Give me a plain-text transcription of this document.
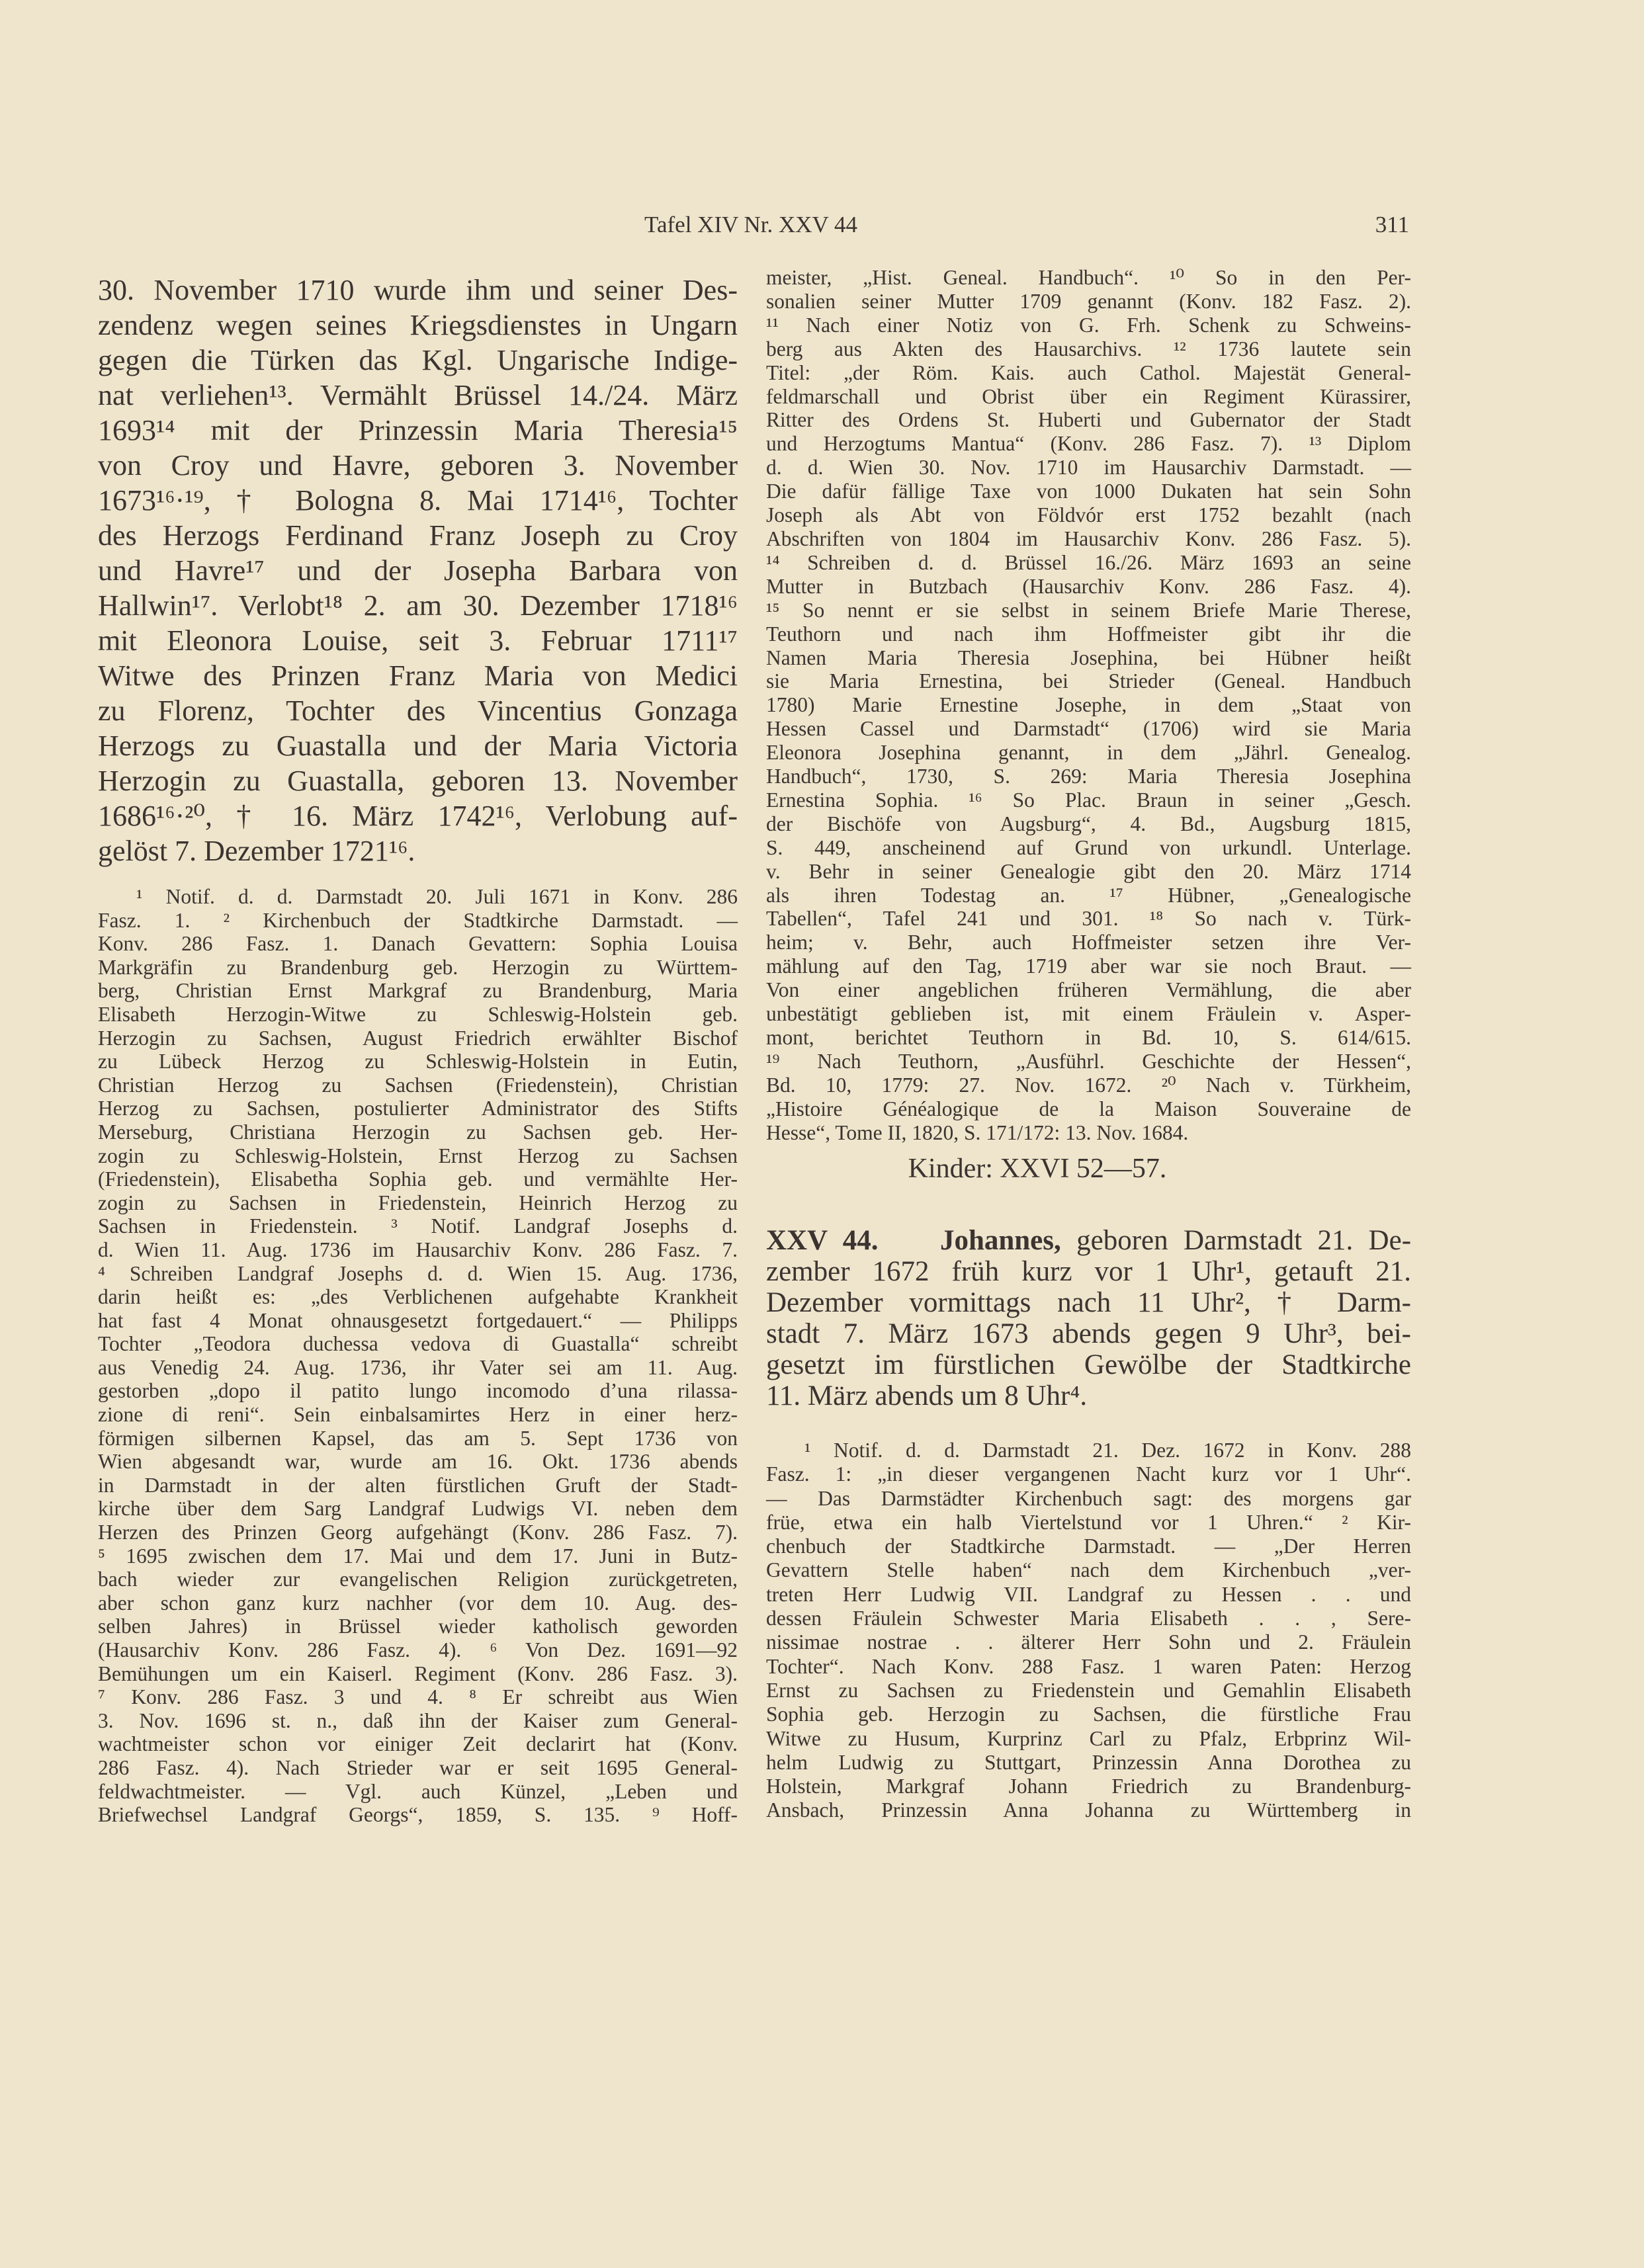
Tafel XIV Nr. XXV 44	311
30. November 1710 wurde ihm und seiner Des-
zendenz wegen seines Kriegsdienstes in Ungarn
gegen die Türken das Kgl. Ungarische Indige-
nat verliehen¹³. Vermählt Brüssel 14./24. März
1693¹⁴ mit der Prinzessin Maria Theresia¹⁵
von Croy und Havre, geboren 3. November
1673¹⁶·¹⁹, † Bologna 8. Mai 1714¹⁶, Tochter
des Herzogs Ferdinand Franz Joseph zu Croy
und Havre¹⁷ und der Josepha Barbara von
Hallwin¹⁷. Verlobt¹⁸ 2. am 30. Dezember 1718¹⁶
mit Eleonora Louise, seit 3. Februar 1711¹⁷
Witwe des Prinzen Franz Maria von Medici
zu Florenz, Tochter des Vincentius Gonzaga
Herzogs zu Guastalla und der Maria Victoria
Herzogin zu Guastalla, geboren 13. November
1686¹⁶·²⁰, † 16. März 1742¹⁶, Verlobung auf-
gelöst 7. Dezember 1721¹⁶.
¹ Notif. d. d. Darmstadt 20. Juli 1671 in Konv. 286
Fasz. 1. ² Kirchenbuch der Stadtkirche Darmstadt. —
Konv. 286 Fasz. 1. Danach Gevattern: Sophia Louisa
Markgräfin zu Brandenburg geb. Herzogin zu Württem-
berg, Christian Ernst Markgraf zu Brandenburg, Maria
Elisabeth Herzogin-Witwe zu Schleswig-Holstein geb.
Herzogin zu Sachsen, August Friedrich erwählter Bischof
zu Lübeck Herzog zu Schleswig-Holstein in Eutin,
Christian Herzog zu Sachsen (Friedenstein), Christian
Herzog zu Sachsen, postulierter Administrator des Stifts
Merseburg, Christiana Herzogin zu Sachsen geb. Her-
zogin zu Schleswig-Holstein, Ernst Herzog zu Sachsen
(Friedenstein), Elisabetha Sophia geb. und vermählte Her-
zogin zu Sachsen in Friedenstein, Heinrich Herzog zu
Sachsen in Friedenstein. ³ Notif. Landgraf Josephs d.
d. Wien 11. Aug. 1736 im Hausarchiv Konv. 286 Fasz. 7.
⁴ Schreiben Landgraf Josephs d. d. Wien 15. Aug. 1736,
darin heißt es: „des Verblichenen aufgehabte Krankheit
hat fast 4 Monat ohnausgesetzt fortgedauert.“ — Philipps
Tochter „Teodora duchessa vedova di Guastalla“ schreibt
aus Venedig 24. Aug. 1736, ihr Vater sei am 11. Aug.
gestorben „dopo il patito lungo incomodo d’una rilassa-
zione di reni“. Sein einbalsamirtes Herz in einer herz-
förmigen silbernen Kapsel, das am 5. Sept 1736 von
Wien abgesandt war, wurde am 16. Okt. 1736 abends
in Darmstadt in der alten fürstlichen Gruft der Stadt-
kirche über dem Sarg Landgraf Ludwigs VI. neben dem
Herzen des Prinzen Georg aufgehängt (Konv. 286 Fasz. 7).
⁵ 1695 zwischen dem 17. Mai und dem 17. Juni in Butz-
bach wieder zur evangelischen Religion zurückgetreten,
aber schon ganz kurz nachher (vor dem 10. Aug. des-
selben Jahres) in Brüssel wieder katholisch geworden
(Hausarchiv Konv. 286 Fasz. 4). ⁶ Von Dez. 1691—92
Bemühungen um ein Kaiserl. Regiment (Konv. 286 Fasz. 3).
⁷ Konv. 286 Fasz. 3 und 4. ⁸ Er schreibt aus Wien
3. Nov. 1696 st. n., daß ihn der Kaiser zum General-
wachtmeister schon vor einiger Zeit declarirt hat (Konv.
286 Fasz. 4). Nach Strieder war er seit 1695 General-
feldwachtmeister. — Vgl. auch Künzel, „Leben und
Briefwechsel Landgraf Georgs“, 1859, S. 135. ⁹ Hoff-
meister, „Hist. Geneal. Handbuch“. ¹⁰ So in den Per-
sonalien seiner Mutter 1709 genannt (Konv. 182 Fasz. 2).
¹¹ Nach einer Notiz von G. Frh. Schenk zu Schweins-
berg aus Akten des Hausarchivs. ¹² 1736 lautete sein
Titel: „der Röm. Kais. auch Cathol. Majestät General-
feldmarschall und Obrist über ein Regiment Kürassirer,
Ritter des Ordens St. Huberti und Gubernator der Stadt
und Herzogtums Mantua“ (Konv. 286 Fasz. 7). ¹³ Diplom
d. d. Wien 30. Nov. 1710 im Hausarchiv Darmstadt. —
Die dafür fällige Taxe von 1000 Dukaten hat sein Sohn
Joseph als Abt von Földvór erst 1752 bezahlt (nach
Abschriften von 1804 im Hausarchiv Konv. 286 Fasz. 5).
¹⁴ Schreiben d. d. Brüssel 16./26. März 1693 an seine
Mutter in Butzbach (Hausarchiv Konv. 286 Fasz. 4).
¹⁵ So nennt er sie selbst in seinem Briefe Marie Therese,
Teuthorn und nach ihm Hoffmeister gibt ihr die
Namen Maria Theresia Josephina, bei Hübner heißt
sie Maria Ernestina, bei Strieder (Geneal. Handbuch
1780) Marie Ernestine Josephe, in dem „Staat von
Hessen Cassel und Darmstadt“ (1706) wird sie Maria
Eleonora Josephina genannt, in dem „Jährl. Genealog.
Handbuch“, 1730, S. 269: Maria Theresia Josephina
Ernestina Sophia. ¹⁶ So Plac. Braun in seiner „Gesch.
der Bischöfe von Augsburg“, 4. Bd., Augsburg 1815,
S. 449, anscheinend auf Grund von urkundl. Unterlage.
v. Behr in seiner Genealogie gibt den 20. März 1714
als ihren Todestag an. ¹⁷ Hübner, „Genealogische
Tabellen“, Tafel 241 und 301. ¹⁸ So nach v. Türk-
heim; v. Behr, auch Hoffmeister setzen ihre Ver-
mählung auf den Tag, 1719 aber war sie noch Braut. —
Von einer angeblichen früheren Vermählung, die aber
unbestätigt geblieben ist, mit einem Fräulein v. Asper-
mont, berichtet Teuthorn in Bd. 10, S. 614/615.
¹⁹ Nach Teuthorn, „Ausführl. Geschichte der Hessen“,
Bd. 10, 1779: 27. Nov. 1672. ²⁰ Nach v. Türkheim,
„Histoire Généalogique de la Maison Souveraine de
Hesse“, Tome II, 1820, S. 171/172: 13. Nov. 1684.
Kinder: XXVI 52—57.
XXV 44. Johannes, geboren Darmstadt 21. De-
zember 1672 früh kurz vor 1 Uhr¹, getauft 21.
Dezember vormittags nach 11 Uhr², † Darm-
stadt 7. März 1673 abends gegen 9 Uhr³, bei-
gesetzt im fürstlichen Gewölbe der Stadtkirche
11. März abends um 8 Uhr⁴.
¹ Notif. d. d. Darmstadt 21. Dez. 1672 in Konv. 288
Fasz. 1: „in dieser vergangenen Nacht kurz vor 1 Uhr“.
— Das Darmstädter Kirchenbuch sagt: des morgens gar
früe, etwa ein halb Viertelstund vor 1 Uhren.“ ² Kir-
chenbuch der Stadtkirche Darmstadt. — „Der Herren
Gevattern Stelle haben“ nach dem Kirchenbuch „ver-
treten Herr Ludwig VII. Landgraf zu Hessen . . und
dessen Fräulein Schwester Maria Elisabeth . . , Sere-
nissimae nostrae . . älterer Herr Sohn und 2. Fräulein
Tochter“. Nach Konv. 288 Fasz. 1 waren Paten: Herzog
Ernst zu Sachsen zu Friedenstein und Gemahlin Elisabeth
Sophia geb. Herzogin zu Sachsen, die fürstliche Frau
Witwe zu Husum, Kurprinz Carl zu Pfalz, Erbprinz Wil-
helm Ludwig zu Stuttgart, Prinzessin Anna Dorothea zu
Holstein, Markgraf Johann Friedrich zu Brandenburg-
Ansbach, Prinzessin Anna Johanna zu Württemberg in
